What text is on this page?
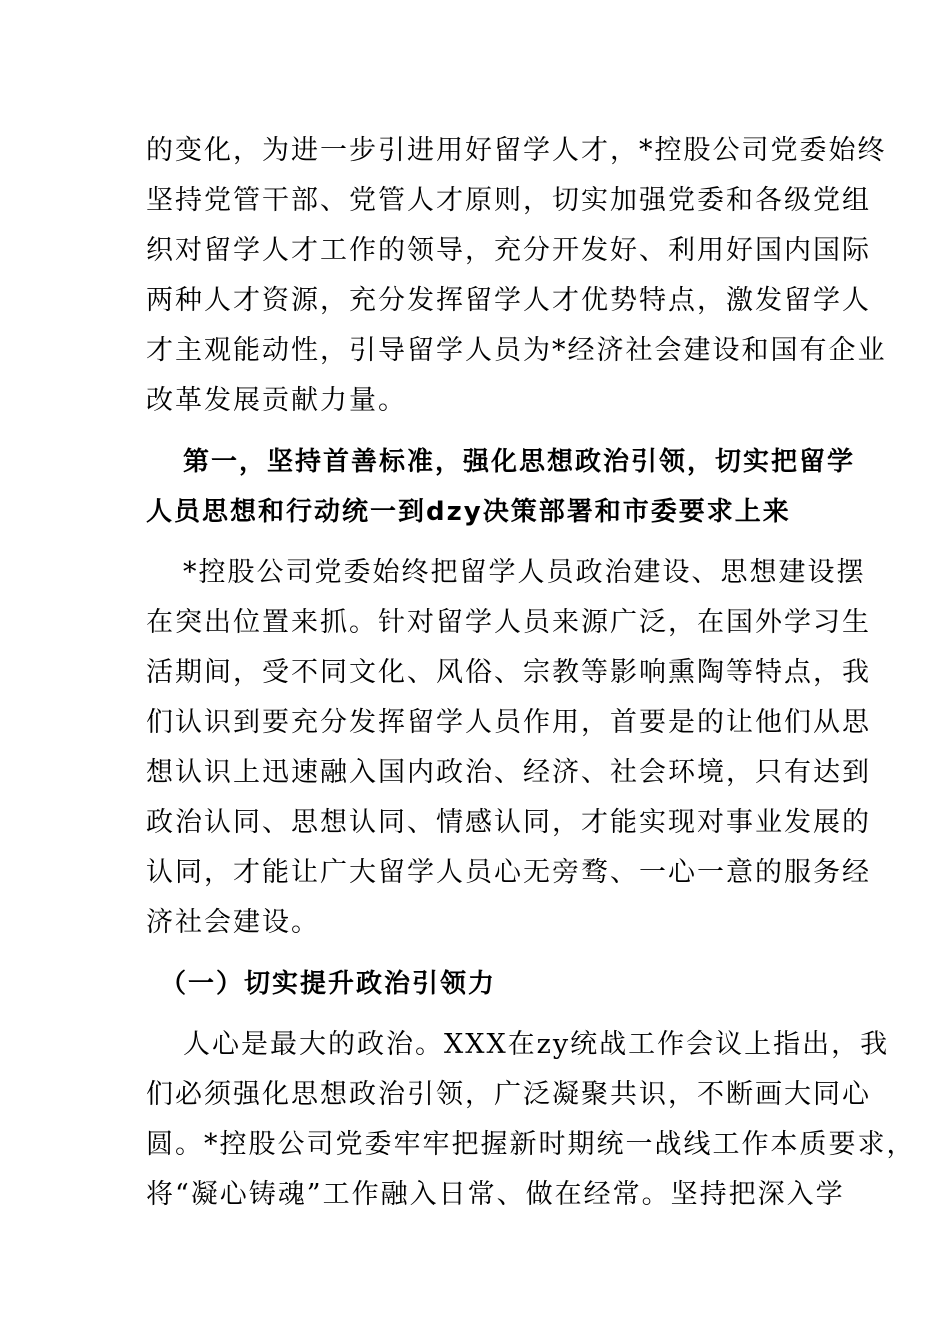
的变化，为进一步引进用好留学人才，*控股公司党委始终
坚持党管干部、党管人才原则，切实加强党委和各级党组
织对留学人才工作的领导，充分开发好、利用好国内国际
两种人才资源，充分发挥留学人才优势特点，激发留学人
才主观能动性，引导留学人员为*经济社会建设和国有企业
改革发展贡献力量。
第一，坚持首善标准，强化思想政治引领，切实把留学
人员思想和行动统一到dzy决策部署和市委要求上来
*控股公司党委始终把留学人员政治建设、思想建设摆
在突出位置来抓。针对留学人员来源广泛，在国外学习生
活期间，受不同文化、风俗、宗教等影响熏陶等特点，我
们认识到要充分发挥留学人员作用，首要是的让他们从思
想认识上迅速融入国内政治、经济、社会环境，只有达到
政治认同、思想认同、情感认同，才能实现对事业发展的
认同，才能让广大留学人员心无旁骛、一心一意的服务经
济社会建设。
（一）切实提升政治引领力
人心是最大的政治。XXX在zy统战工作会议上指出，我
们必须强化思想政治引领，广泛凝聚共识，不断画大同心
圆。*控股公司党委牢牢把握新时期统一战线工作本质要求，
将“凝心铸魂”工作融入日常、做在经常。坚持把深入学
